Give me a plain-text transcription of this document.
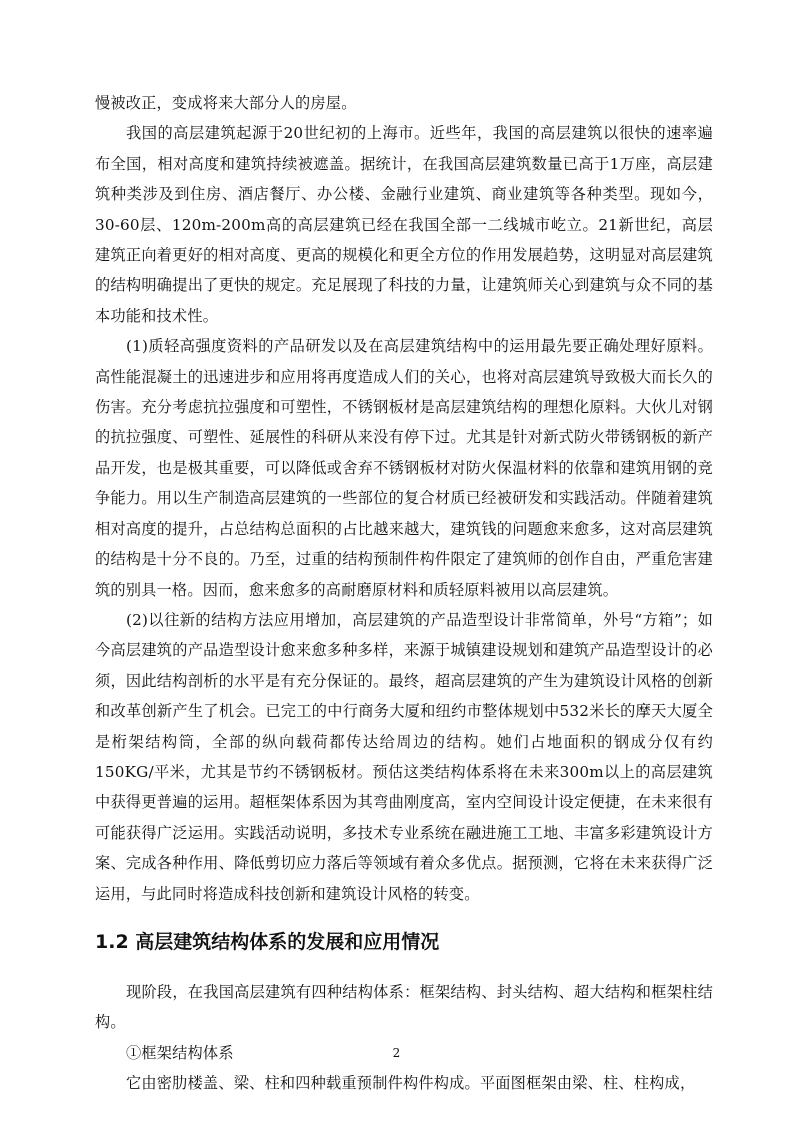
慢被改正，变成将来大部分人的房屋。

我国的高层建筑起源于20世纪初的上海市。近些年，我国的高层建筑以很快的速率遍布全国，相对高度和建筑持续被遮盖。据统计，在我国高层建筑数量已高于1万座，高层建筑种类涉及到住房、酒店餐厅、办公楼、金融行业建筑、商业建筑等各种类型。现如今，30-60层、120m-200m高的高层建筑已经在我国全部一二线城市屹立。21新世纪，高层建筑正向着更好的相对高度、更高的规模化和更全方位的作用发展趋势，这明显对高层建筑的结构明确提出了更快的规定。充足展现了科技的力量，让建筑师关心到建筑与众不同的基本功能和技术性。

(1)质轻高强度资料的产品研发以及在高层建筑结构中的运用最先要正确处理好原料。高性能混凝土的迅速进步和应用将再度造成人们的关心，也将对高层建筑导致极大而长久的伤害。充分考虑抗拉强度和可塑性，不锈钢板材是高层建筑结构的理想化原料。大伙儿对钢的抗拉强度、可塑性、延展性的科研从来没有停下过。尤其是针对新式防火带锈钢板的新产品开发，也是极其重要，可以降低或舍弃不锈钢板材对防火保温材料的依靠和建筑用钢的竞争能力。用以生产制造高层建筑的一些部位的复合材质已经被研发和实践活动。伴随着建筑相对高度的提升，占总结构总面积的占比越来越大，建筑钱的问题愈来愈多，这对高层建筑的结构是十分不良的。乃至，过重的结构预制件构件限定了建筑师的创作自由，严重危害建筑的别具一格。因而，愈来愈多的高耐磨原材料和质轻原料被用以高层建筑。

(2)以往新的结构方法应用增加，高层建筑的产品造型设计非常简单，外号“方箱”；如今高层建筑的产品造型设计愈来愈多种多样，来源于城镇建设规划和建筑产品造型设计的必须，因此结构剖析的水平是有充分保证的。最终，超高层建筑的产生为建筑设计风格的创新和改革创新产生了机会。已完工的中行商务大厦和纽约市整体规划中532米长的摩天大厦全是桁架结构筒，全部的纵向载荷都传达给周边的结构。她们占地面积的钢成分仅有约150KG/平米，尤其是节约不锈钢板材。预估这类结构体系将在未来300m以上的高层建筑中获得更普遍的运用。超框架体系因为其弯曲刚度高，室内空间设计设定便捷，在未来很有可能获得广泛运用。实践活动说明，多技术专业系统在融进施工工地、丰富多彩建筑设计方案、完成各种作用、降低剪切应力落后等领域有着众多优点。据预测，它将在未来获得广泛运用，与此同时将造成科技创新和建筑设计风格的转变。

1.2 高层建筑结构体系的发展和应用情况

现阶段，在我国高层建筑有四种结构体系：框架结构、封头结构、超大结构和框架柱结构。

①框架结构体系

它由密肋楼盖、梁、柱和四种载重预制件构件构成。平面图框架由梁、柱、柱构成，

2
